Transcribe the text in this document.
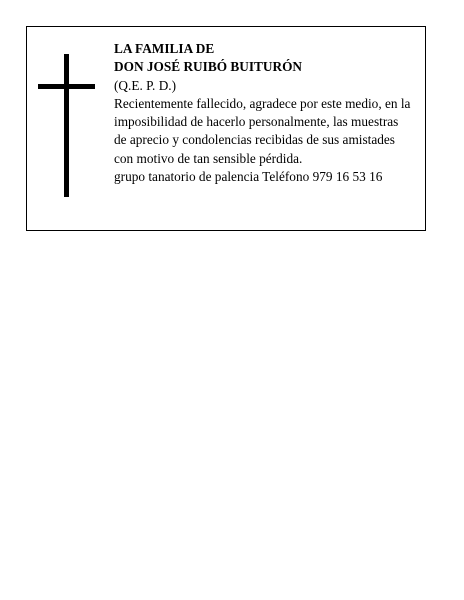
LA FAMILIA DE
DON JOSÉ RUIBÓ BUITURÓN
(Q.E. P. D.)
Recientemente fallecido, agradece por este medio, en la
imposibilidad de hacerlo personalmente, las muestras
de aprecio y condolencias recibidas de sus amistades
con motivo de tan sensible pérdida.
grupo tanatorio de palencia Teléfono 979 16 53 16
